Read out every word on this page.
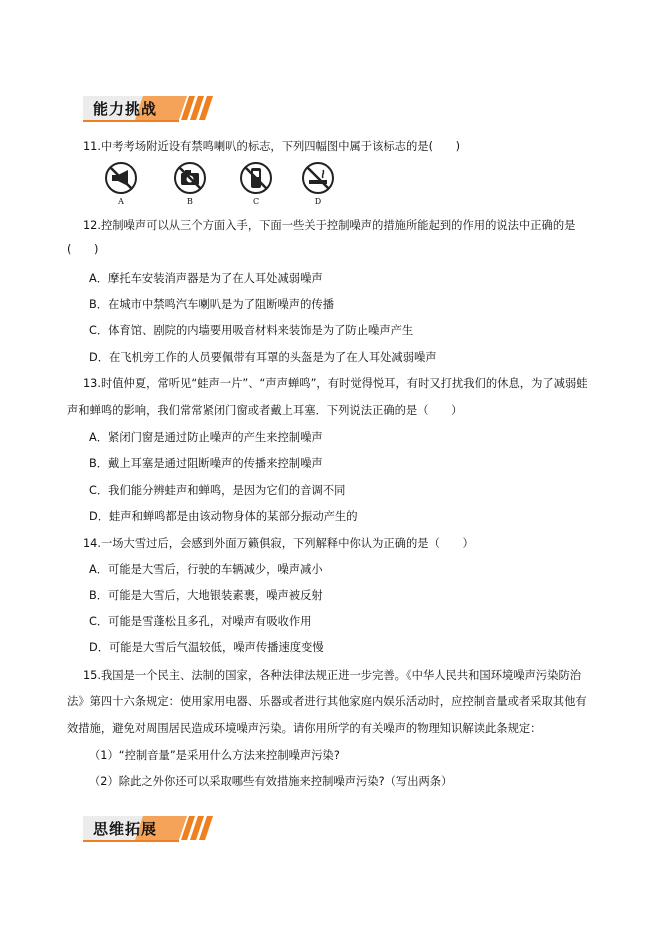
能力挑战
11.中考考场附近设有禁鸣喇叭的标志，下列四幅图中属于该标志的是(　　)
A	B	C	D
12.控制噪声可以从三个方面入手，下面一些关于控制噪声的措施所能起到的作用的说法中正确的是
(　　)
A．摩托车安装消声器是为了在人耳处减弱噪声
B．在城市中禁鸣汽车喇叭是为了阻断噪声的传播
C．体育馆、剧院的内墙要用吸音材料来装饰是为了防止噪声产生
D．在飞机旁工作的人员要佩带有耳罩的头盔是为了在人耳处减弱噪声
13.时值仲夏，常听见“蛙声一片”、“声声蝉鸣”，有时觉得悦耳，有时又打扰我们的休息，为了减弱蛙
声和蝉鸣的影响，我们常常紧闭门窗或者戴上耳塞．下列说法正确的是（　　）
A．紧闭门窗是通过防止噪声的产生来控制噪声
B．戴上耳塞是通过阻断噪声的传播来控制噪声
C．我们能分辨蛙声和蝉鸣，是因为它们的音调不同
D．蛙声和蝉鸣都是由该动物身体的某部分振动产生的
14.一场大雪过后，会感到外面万籁俱寂，下列解释中你认为正确的是（　　）
A．可能是大雪后，行驶的车辆减少，噪声减小
B．可能是大雪后，大地银装素裹，噪声被反射
C．可能是雪蓬松且多孔，对噪声有吸收作用
D．可能是大雪后气温较低，噪声传播速度变慢
15.我国是一个民主、法制的国家，各种法律法规正进一步完善。《中华人民共和国环境噪声污染防治
法》第四十六条规定：使用家用电器、乐器或者进行其他家庭内娱乐活动时，应控制音量或者采取其他有
效措施，避免对周围居民造成环境噪声污染。请你用所学的有关噪声的物理知识解读此条规定：
（1）“控制音量”是采用什么方法来控制噪声污染?
（2）除此之外你还可以采取哪些有效措施来控制噪声污染?（写出两条）
思维拓展
